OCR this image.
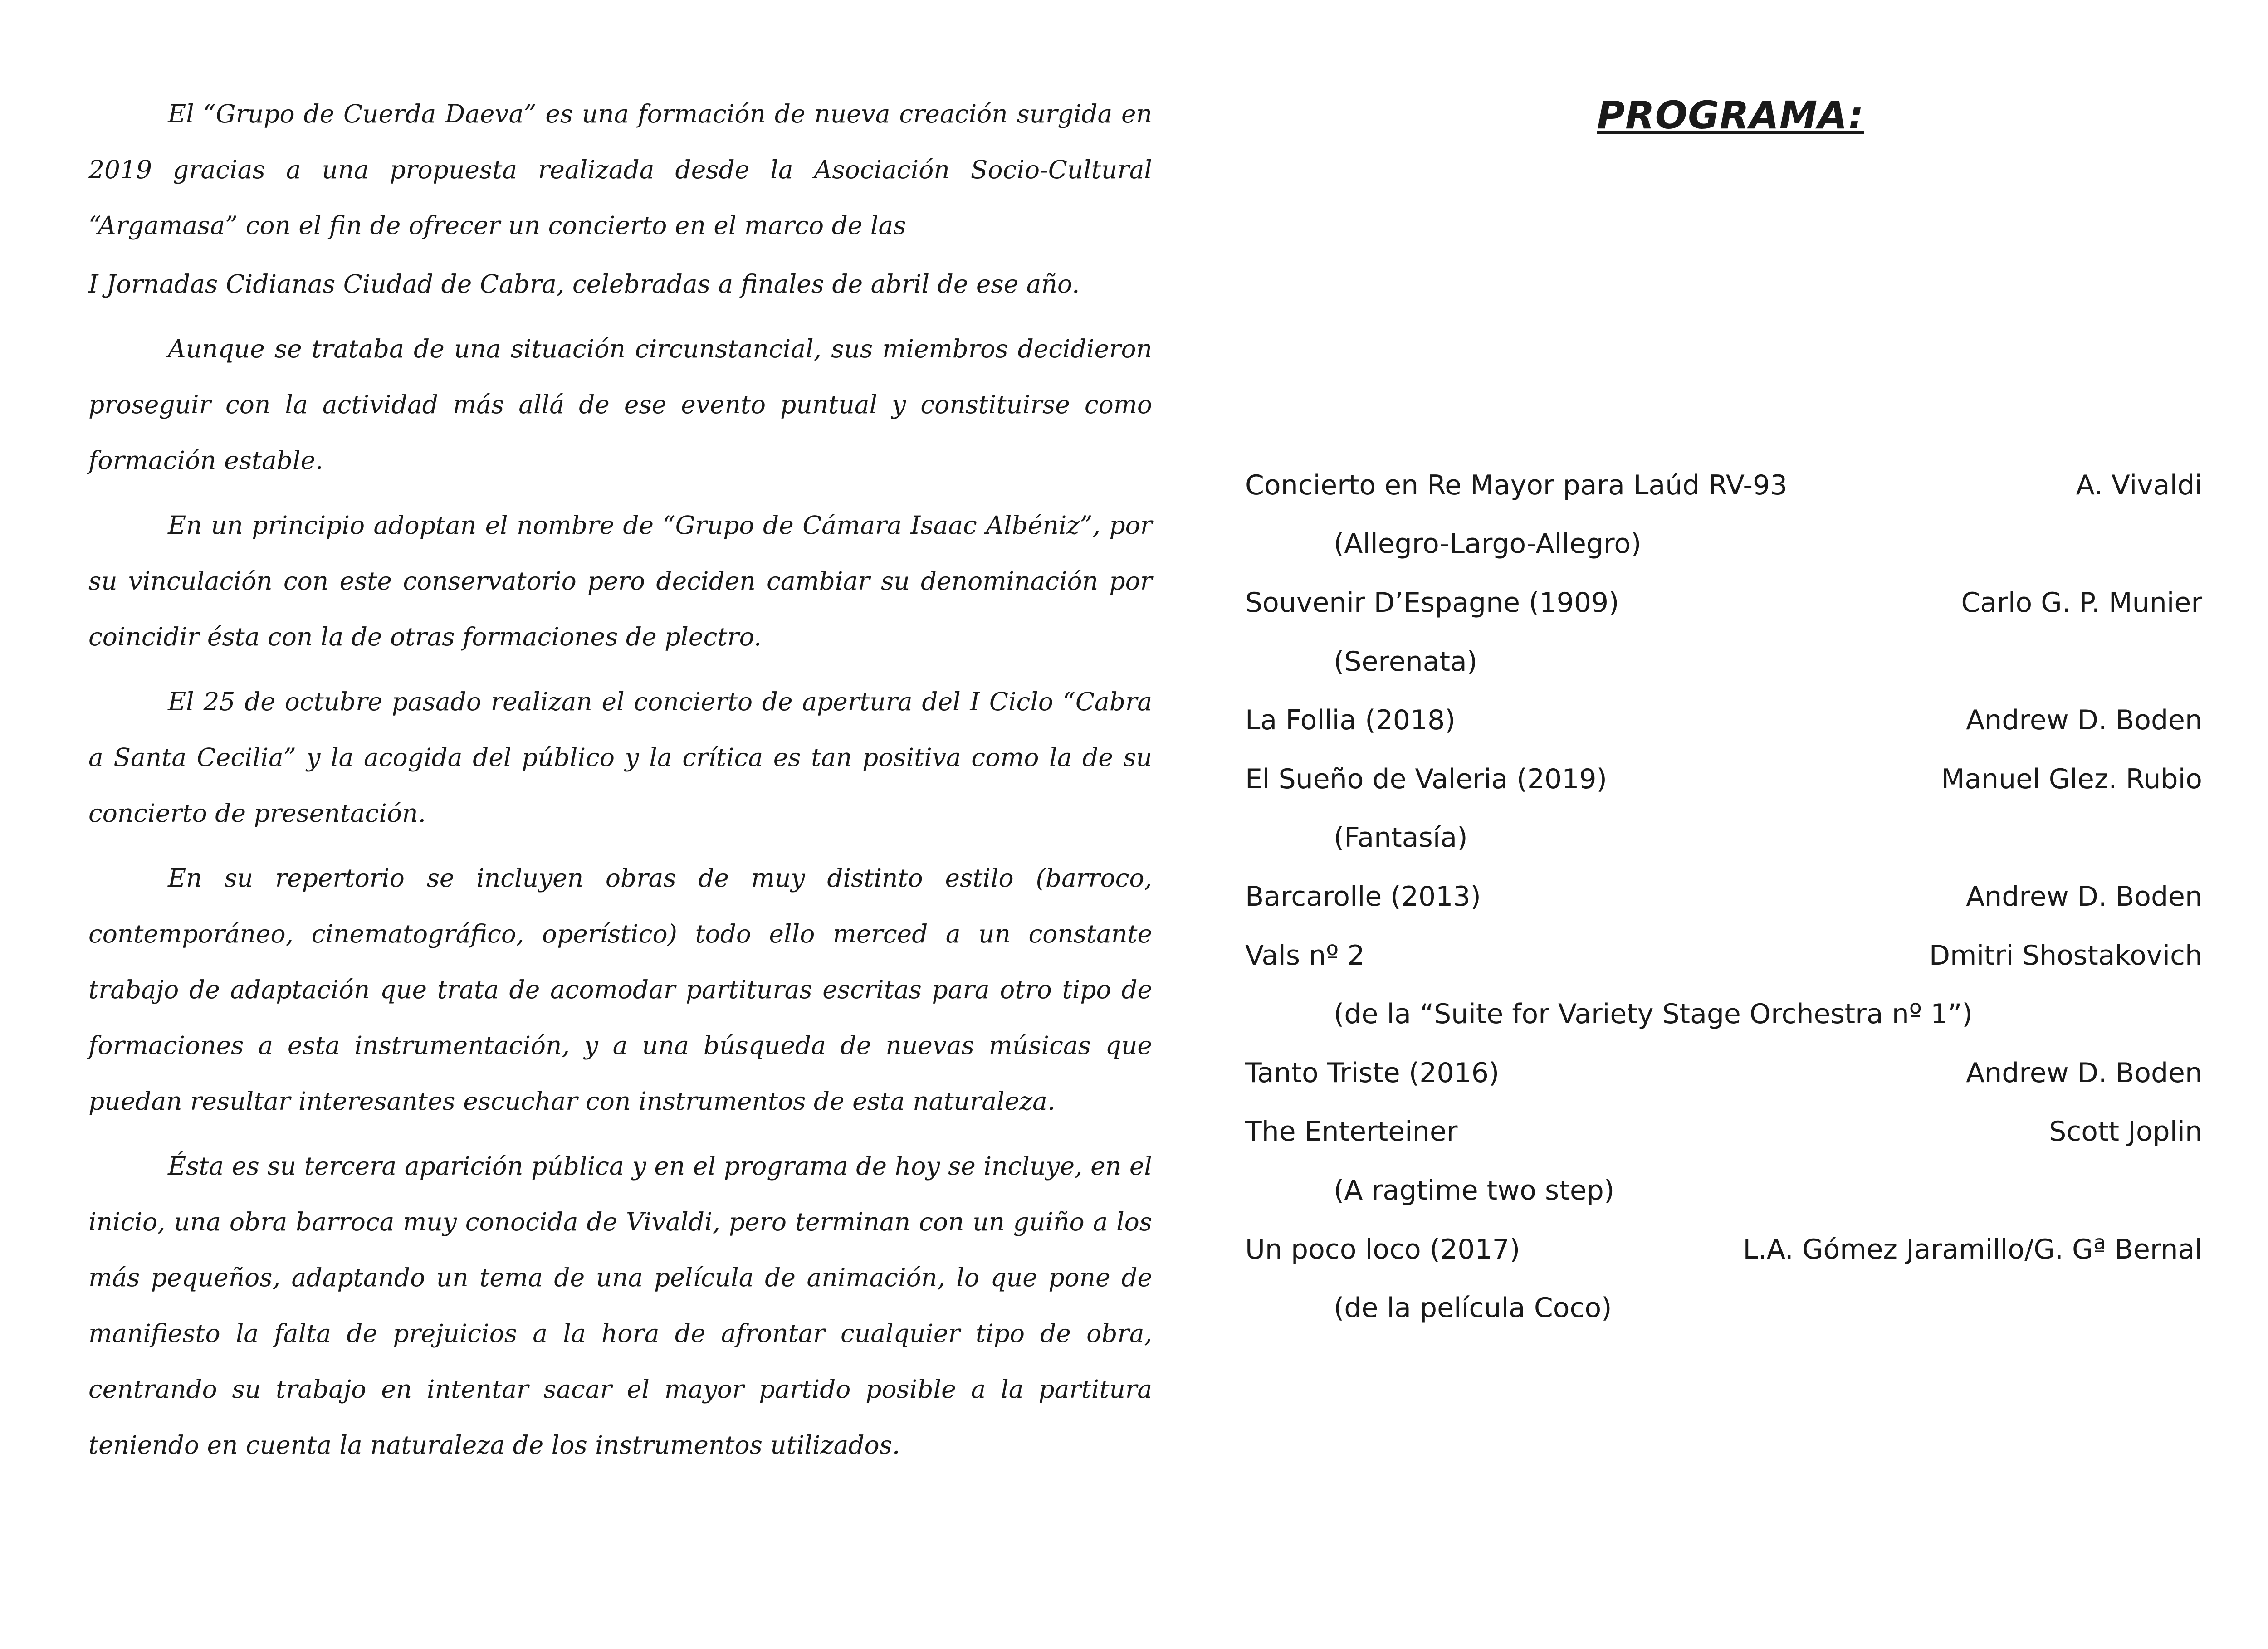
El “Grupo de Cuerda Daeva” es una formación de nueva creación surgida en 2019 gracias a una propuesta realizada desde la Asociación Socio-Cultural “Argamasa” con el fin de ofrecer un concierto en el marco de las

I Jornadas Cidianas Ciudad de Cabra, celebradas a finales de abril de ese año.

Aunque se trataba de una situación circunstancial, sus miembros decidieron proseguir con la actividad más allá de ese evento puntual y constituirse como formación estable.

En un principio adoptan el nombre de “Grupo de Cámara Isaac Albéniz”, por su vinculación con este conservatorio pero deciden cambiar su denominación por coincidir ésta con la de otras formaciones de plectro.

El 25 de octubre pasado realizan el concierto de apertura del I Ciclo “Cabra a Santa Cecilia” y la acogida del público y la crítica es tan positiva como la de su concierto de presentación.

En su repertorio se incluyen obras de muy distinto estilo (barroco, contemporáneo, cinematográfico, operístico) todo ello merced a un constante trabajo de adaptación que trata de acomodar partituras escritas para otro tipo de formaciones a esta instrumentación, y a una búsqueda de nuevas músicas que puedan resultar interesantes escuchar con instrumentos de esta naturaleza.

Ésta es su tercera aparición pública y en el programa de hoy se incluye, en el inicio, una obra barroca muy conocida de Vivaldi, pero terminan con un guiño a los más pequeños, adaptando un tema de una película de animación, lo que pone de manifiesto la falta de prejuicios a la hora de afrontar cualquier tipo de obra, centrando su trabajo en intentar sacar el mayor partido posible a la partitura teniendo en cuenta la naturaleza de los instrumentos utilizados.

PROGRAMA:
Concierto en Re Mayor para Laúd RV-93	A. Vivaldi
(Allegro-Largo-Allegro)
Souvenir D’Espagne (1909)	Carlo G. P. Munier
(Serenata)
La Follia (2018)	Andrew D. Boden
El Sueño de Valeria (2019)	Manuel Glez. Rubio
(Fantasía)
Barcarolle (2013)	Andrew D. Boden
Vals nº 2	Dmitri Shostakovich
(de la “Suite for Variety Stage Orchestra nº 1”)
Tanto Triste (2016)	Andrew D. Boden
The Enterteiner	Scott Joplin
(A ragtime two step)
Un poco loco (2017)	L.A. Gómez Jaramillo/G. Gª Bernal
(de la película Coco)
